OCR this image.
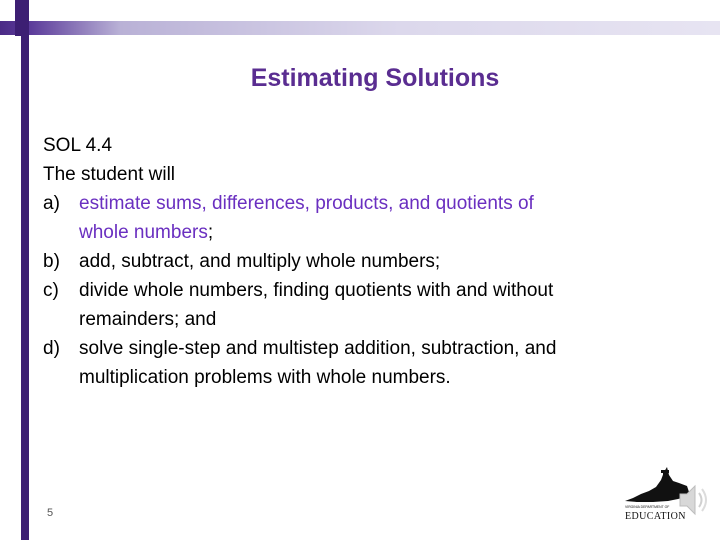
Estimating Solutions
SOL 4.4
The student will
a) estimate sums, differences, products, and quotients of
whole numbers;
b) add, subtract, and multiply whole numbers;
c) divide whole numbers, finding quotients with and without
remainders; and
d) solve single-step and multistep addition, subtraction, and
multiplication problems with whole numbers.
5	VIRGINIA DEPARTMENT OF
EDUCATION
